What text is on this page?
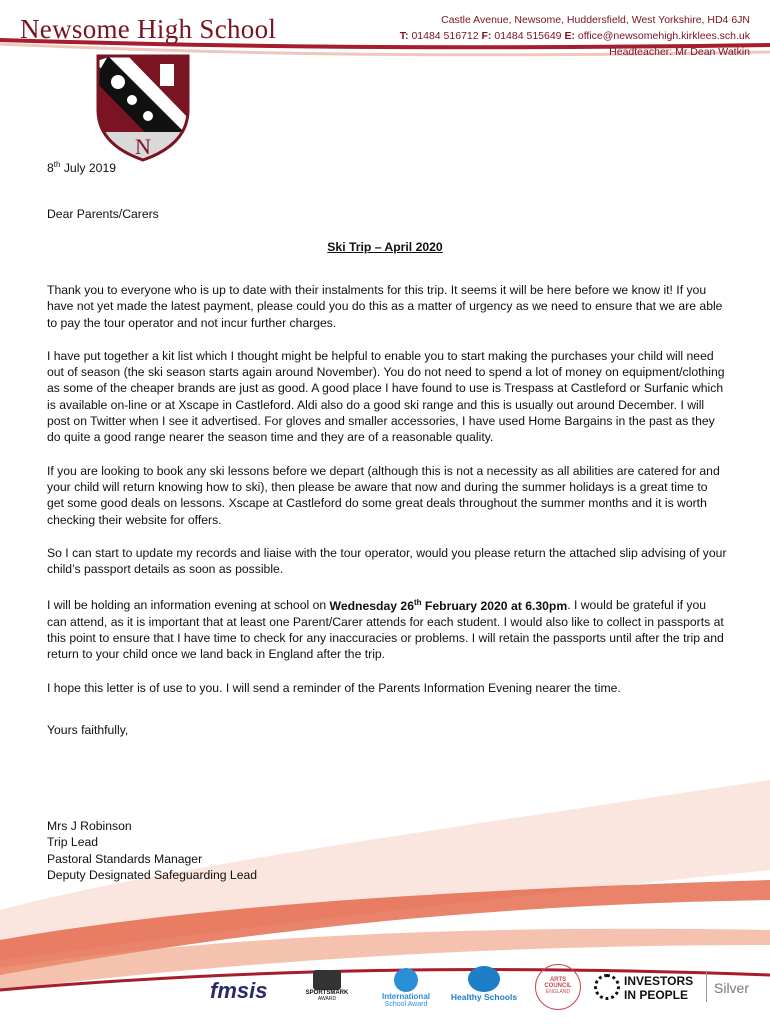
Newsome High School	Castle Avenue, Newsome, Huddersfield, West Yorkshire, HD4 6JN
T: 01484 516712 F: 01484 515649 E: office@newsomehigh.kirklees.sch.uk
Headteacher: Mr Dean Watkin
N
8th July 2019
Dear Parents/Carers
Ski Trip – April 2020

Thank you to everyone who is up to date with their instalments for this trip. It seems it will be here before we know it! If you have not yet made the latest payment, please could you do this as a matter of urgency as we need to ensure that we are able to pay the tour operator and not incur further charges.

I have put together a kit list which I thought might be helpful to enable you to start making the purchases your child will need out of season (the ski season starts again around November). You do not need to spend a lot of money on equipment/clothing as some of the cheaper brands are just as good. A good place I have found to use is Trespass at Castleford or Surfanic which is available on-line or at Xscape in Castleford. Aldi also do a good ski range and this is usually out around December. I will post on Twitter when I see it advertised. For gloves and smaller accessories, I have used Home Bargains in the past as they do quite a good range nearer the season time and they are of a reasonable quality.

If you are looking to book any ski lessons before we depart (although this is not a necessity as all abilities are catered for and your child will return knowing how to ski), then please be aware that now and during the summer holidays is a great time to get some good deals on lessons. Xscape at Castleford do some great deals throughout the summer months and it is worth checking their website for offers.

So I can start to update my records and liaise with the tour operator, would you please return the attached slip advising of your child’s passport details as soon as possible.

I will be holding an information evening at school on Wednesday 26th February 2020 at 6.30pm. I would be grateful if you can attend, as it is important that at least one Parent/Carer attends for each student. I would also like to collect in passports at this point to ensure that I have time to check for any inaccuracies or problems. I will retain the passports until after the trip and return to your child once we land back in England after the trip.

I hope this letter is of use to you. I will send a reminder of the Parents Information Evening nearer the time.

Yours faithfully,
Mrs J Robinson
Trip Lead
Pastoral Standards Manager
Deputy Designated Safeguarding Lead
fmsis	SPORTSMARK
AWARD	International
School Award
Healthy Schools
ARTS COUNCIL
ENGLAND
INVESTORS
IN PEOPLE	Silver
